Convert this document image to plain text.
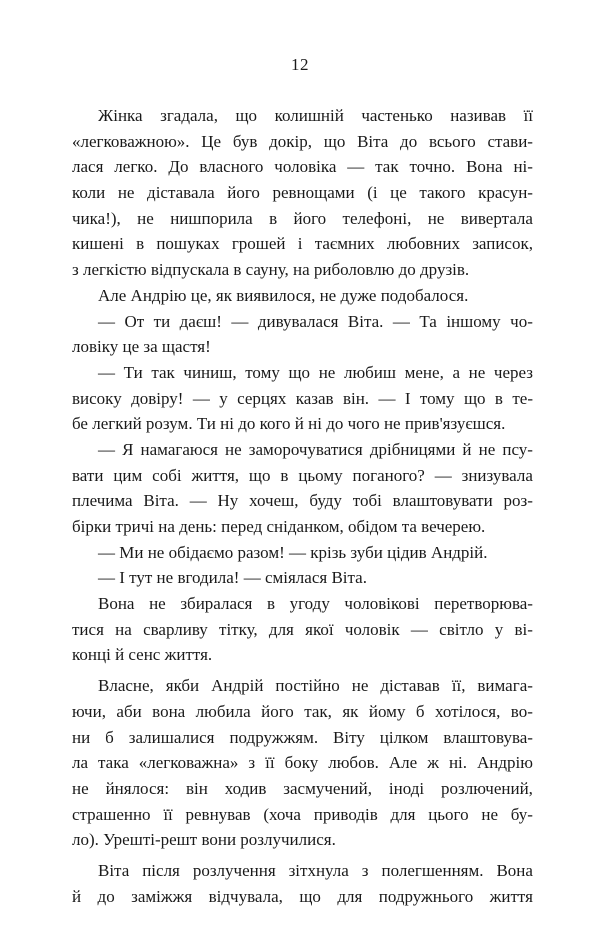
12
Жінка згадала, що колишній частенько називав її
«легковажною». Це був докір, що Віта до всього стави-
лася легко. До власного чоловіка — так точно. Вона ні-
коли не діставала його ревнощами (і це такого красун-
чика!), не нишпорила в його телефоні, не вивертала
кишені в пошуках грошей і таємних любовних записок,
з легкістю відпускала в сауну, на риболовлю до друзів.
Але Андрію це, як виявилося, не дуже подобалося.
— От ти даєш! — дивувалася Віта. — Та іншому чо-
ловіку це за щастя!
— Ти так чиниш, тому що не любиш мене, а не через
високу довіру! — у серцях казав він. — І тому що в те-
бе легкий розум. Ти ні до кого й ні до чого не прив'язуєшся.
— Я намагаюся не заморочуватися дрібницями й не псу-
вати цим собі життя, що в цьому поганого? — знизувала
плечима Віта. — Ну хочеш, буду тобі влаштовувати роз-
бірки тричі на день: перед сніданком, обідом та вечерею.
— Ми не обідаємо разом! — крізь зуби цідив Андрій.
— І тут не вгодила! — сміялася Віта.
Вона не збиралася в угоду чоловікові перетворюва-
тися на сварливу тітку, для якої чоловік — світло у ві-
конці й сенс життя.
Власне, якби Андрій постійно не діставав її, вимага-
ючи, аби вона любила його так, як йому б хотілося, во-
ни б залишалися подружжям. Віту цілком влаштовува-
ла така «легковажна» з її боку любов. Але ж ні. Андрію
не йнялося: він ходив засмучений, іноді розлючений,
страшенно її ревнував (хоча приводів для цього не бу-
ло). Урешті-решт вони розлучилися.
Віта після розлучення зітхнула з полегшенням. Вона
й до заміжжя відчувала, що для подружнього життя
